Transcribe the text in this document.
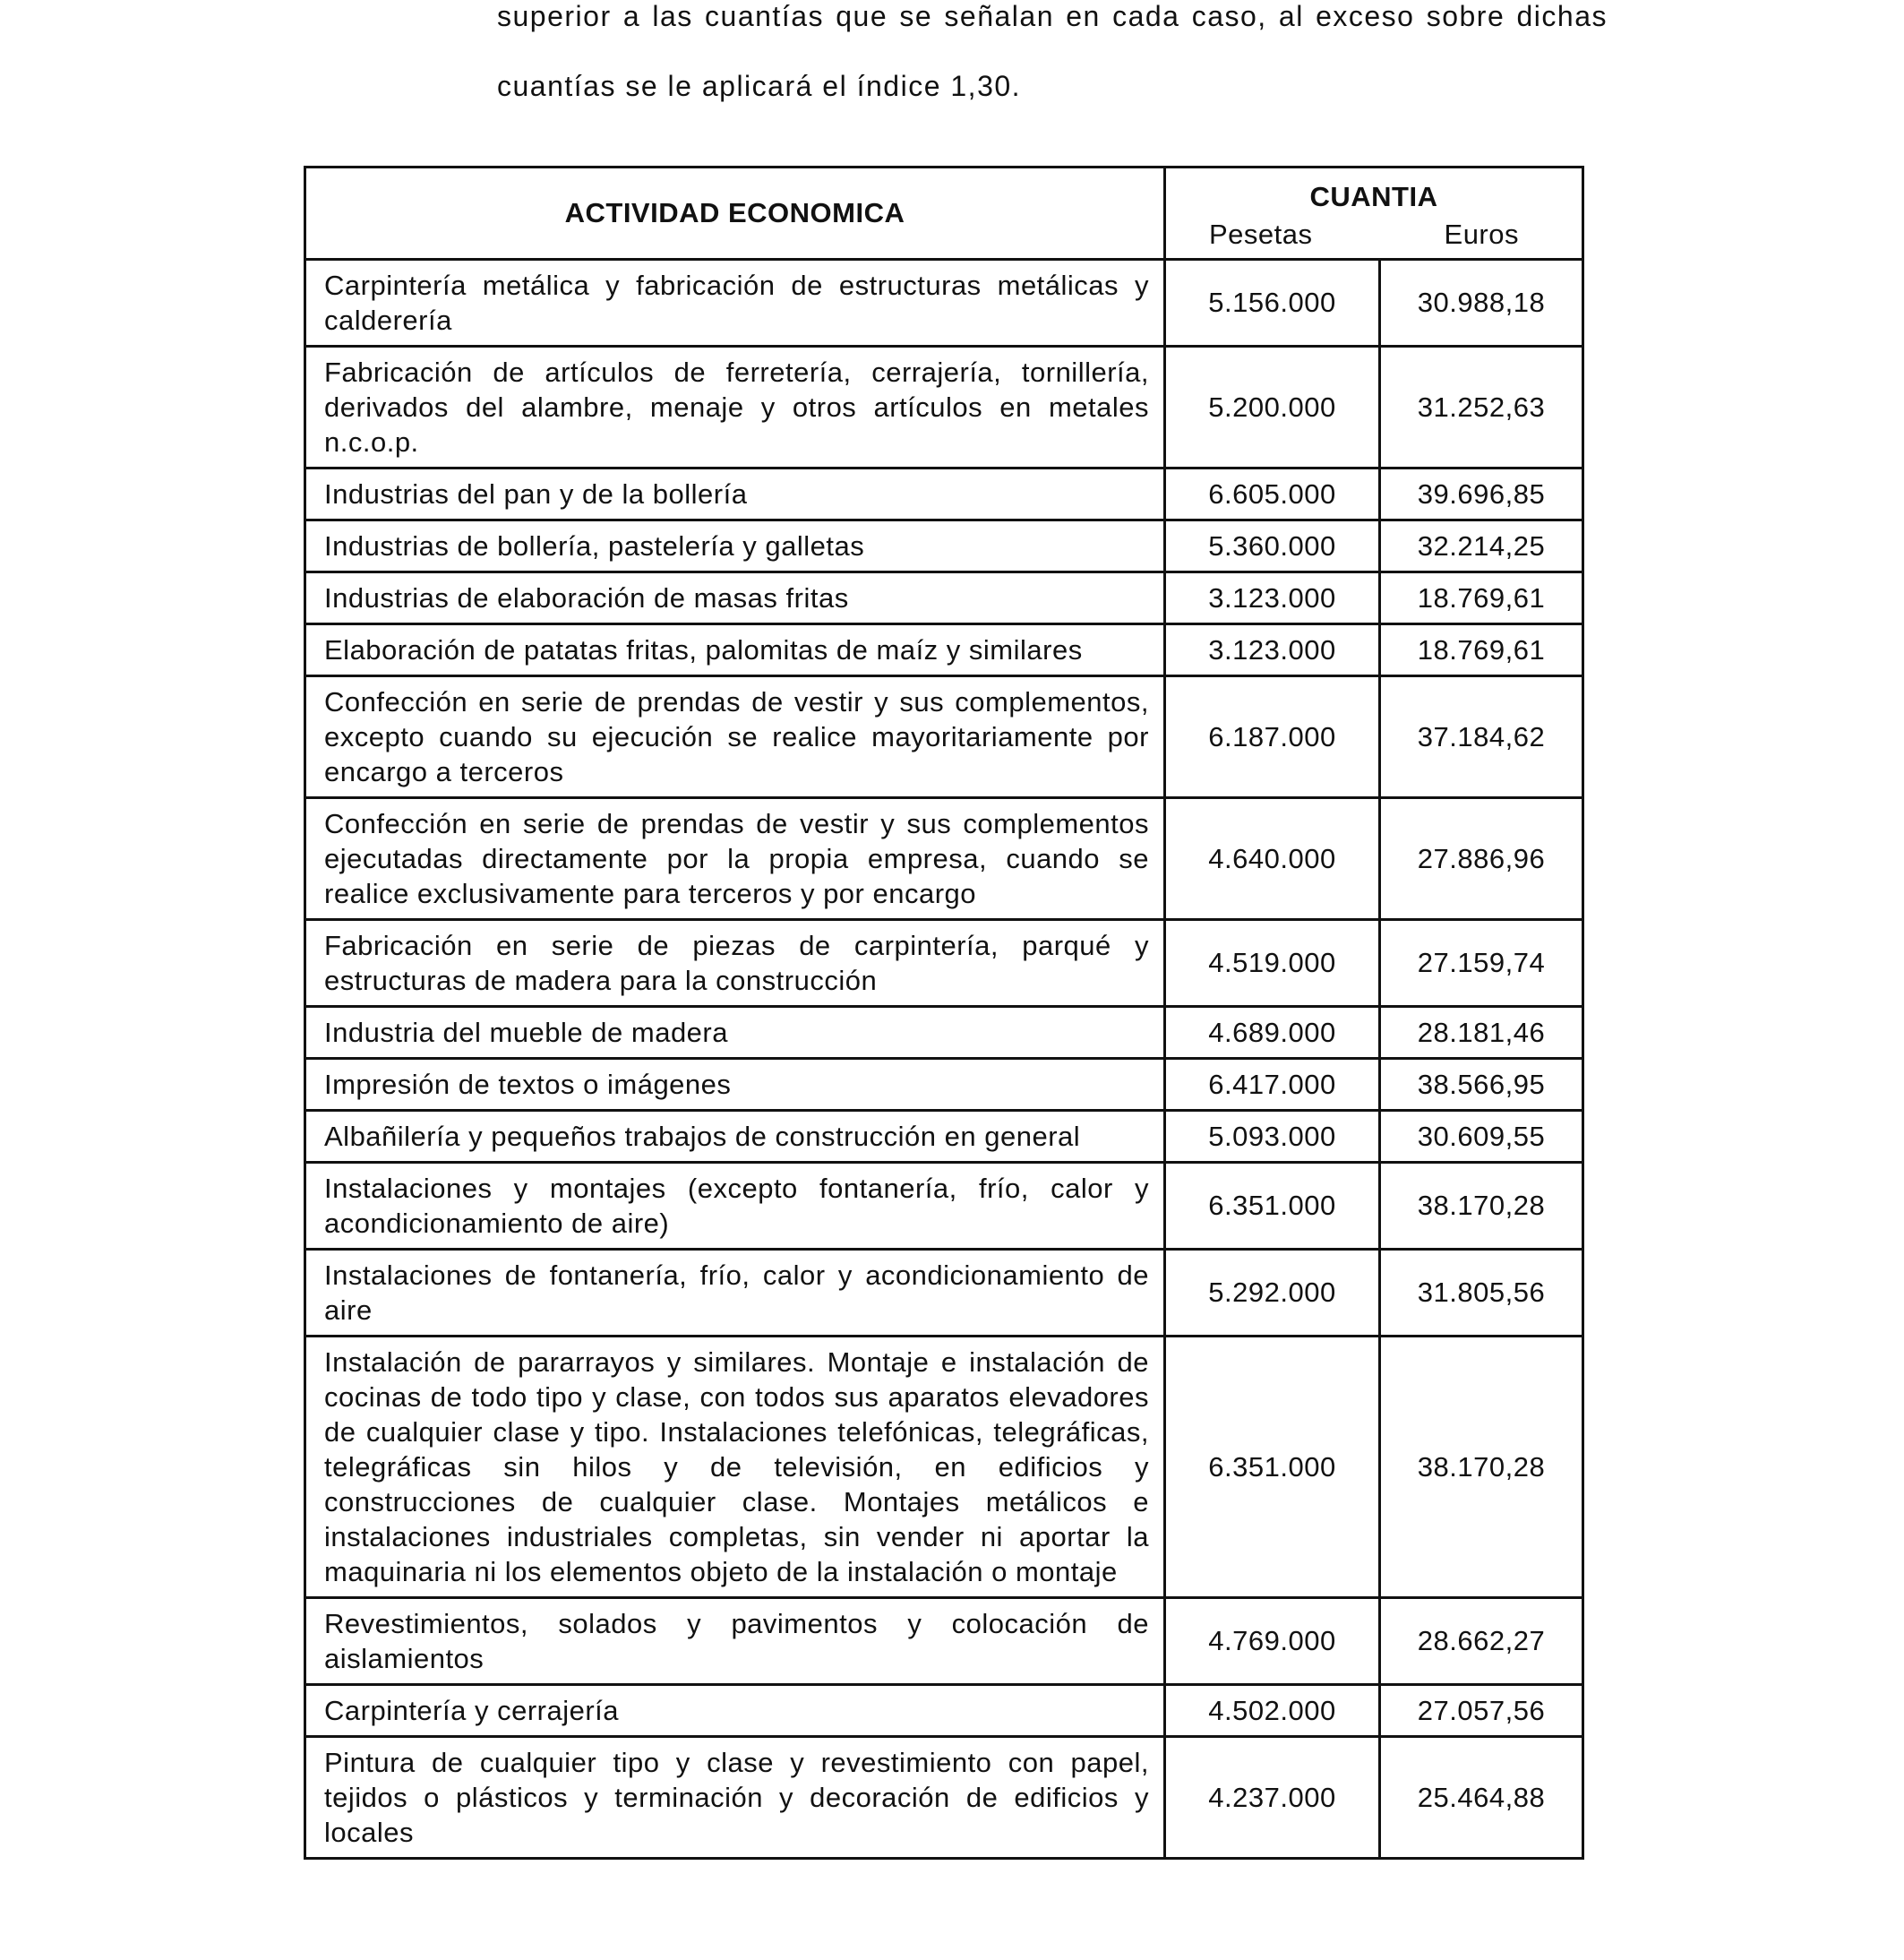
superior a las cuantías que se señalan en cada caso, al exceso sobre dichas
cuantías se le aplicará el índice 1,30.
ACTIVIDAD ECONOMICA	CUANTIA
Pesetas Euros	

Carpintería metálica y fabricación de estructuras metálicas y calderería	5.156.000	30.988,18
Fabricación de artículos de ferretería, cerrajería, tornillería, derivados del alambre, menaje y otros artículos en metales n.c.o.p.	5.200.000	31.252,63
Industrias del pan y de la bollería	6.605.000	39.696,85
Industrias de bollería, pastelería y galletas	5.360.000	32.214,25
Industrias de elaboración de masas fritas	3.123.000	18.769,61
Elaboración de patatas fritas, palomitas de maíz y similares	3.123.000	18.769,61
Confección en serie de prendas de vestir y sus complementos, excepto cuando su ejecución se realice mayoritariamente por encargo a terceros	6.187.000	37.184,62
Confección en serie de prendas de vestir y sus complementos ejecutadas directamente por la propia empresa, cuando se realice exclusivamente para terceros y por encargo	4.640.000	27.886,96
Fabricación en serie de piezas de carpintería, parqué y estructuras de madera para la construcción	4.519.000	27.159,74
Industria del mueble de madera	4.689.000	28.181,46
Impresión de textos o imágenes	6.417.000	38.566,95
Albañilería y pequeños trabajos de construcción en general	5.093.000	30.609,55
Instalaciones y montajes (excepto fontanería, frío, calor y acondicionamiento de aire)	6.351.000	38.170,28
Instalaciones de fontanería, frío, calor y acondicionamiento de aire	5.292.000	31.805,56
Instalación de pararrayos y similares. Montaje e instalación de cocinas de todo tipo y clase, con todos sus aparatos elevadores de cualquier clase y tipo. Instalaciones telefónicas, telegráficas, telegráficas sin hilos y de televisión, en edificios y construcciones de cualquier clase. Montajes metálicos e instalaciones industriales completas, sin vender ni aportar la maquinaria ni los elementos objeto de la instalación o montaje	6.351.000	38.170,28
Revestimientos, solados y pavimentos y colocación de aislamientos	4.769.000	28.662,27
Carpintería y cerrajería	4.502.000	27.057,56
Pintura de cualquier tipo y clase y revestimiento con papel, tejidos o plásticos y terminación y decoración de edificios y locales	4.237.000	25.464,88
